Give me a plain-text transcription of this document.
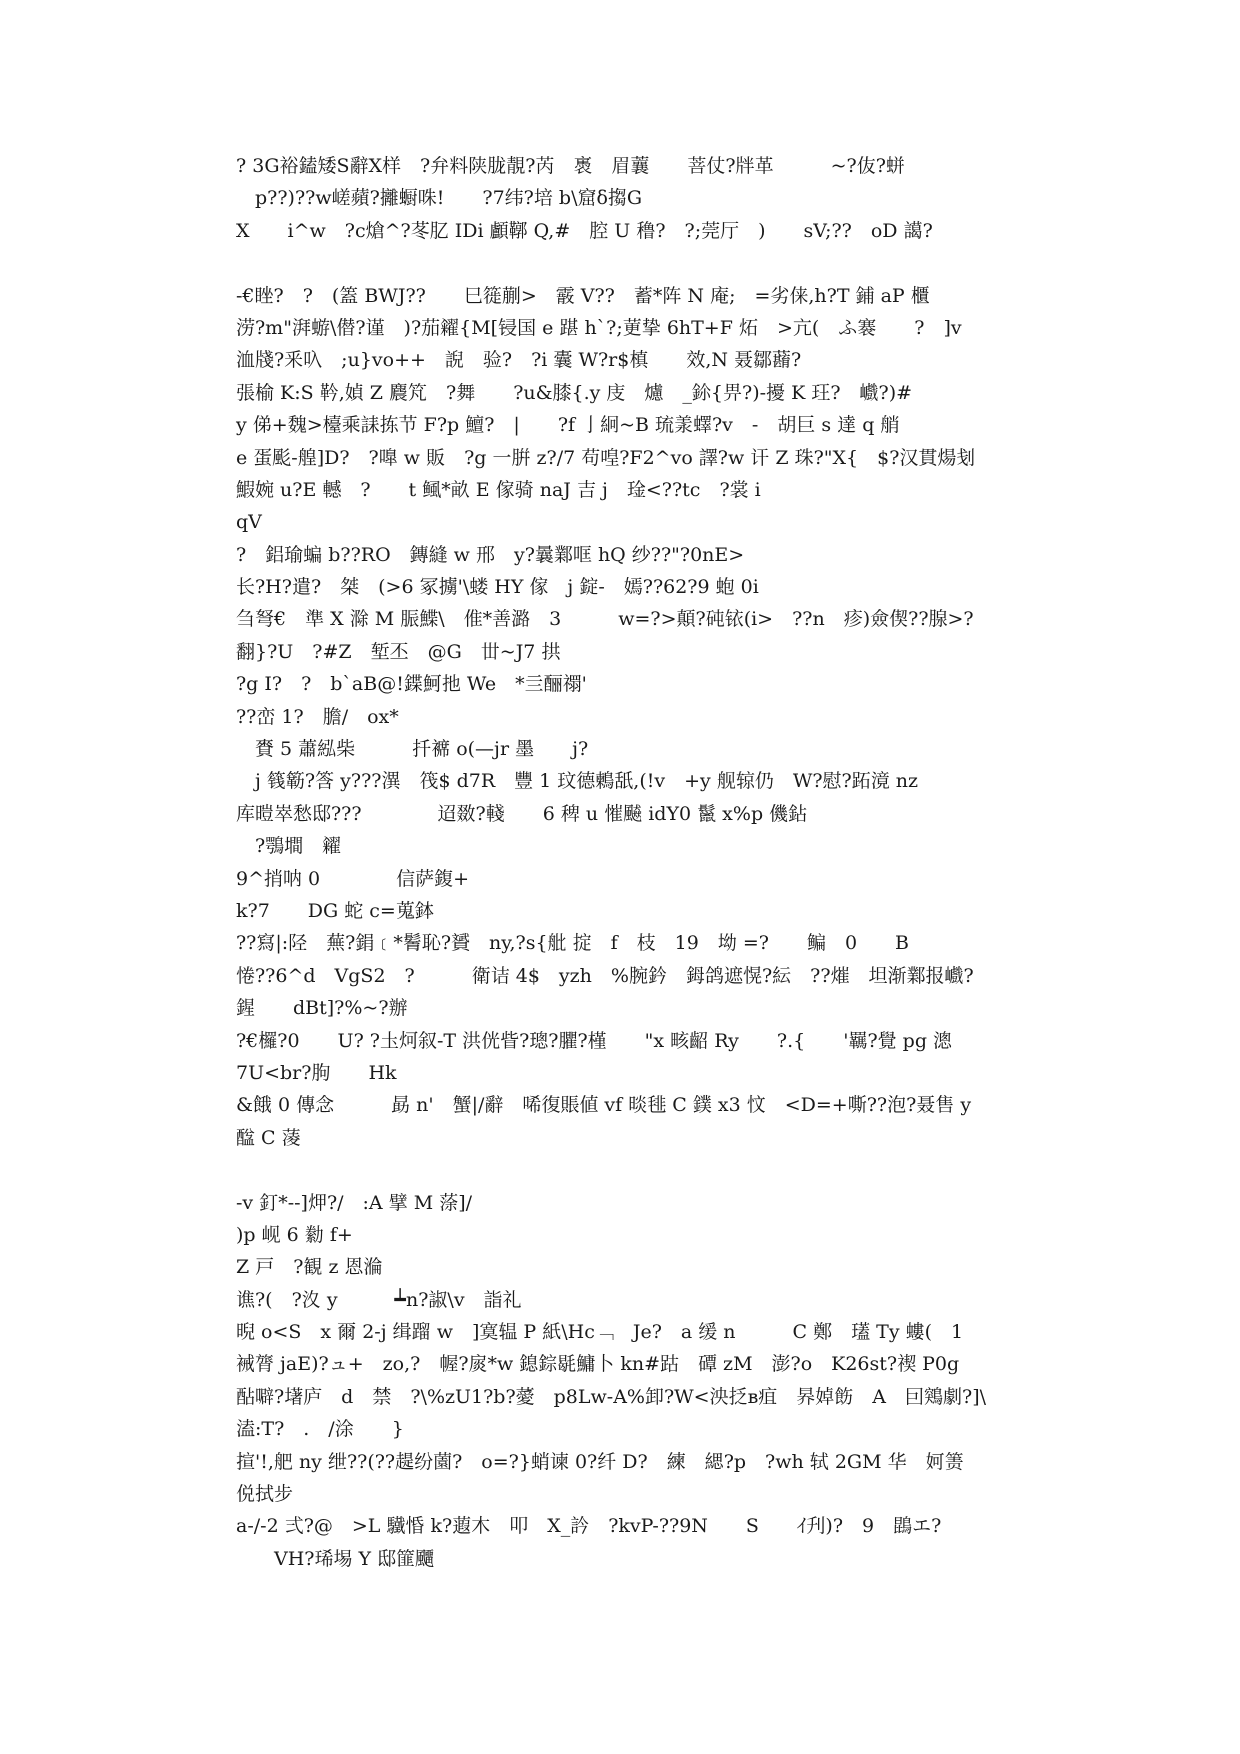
? 3G裕鎑矮S辭X样　?弁料陕胧靚?芮　褭　眉蘘　　菩仗?牉革　　　~?伖?蛢
　p??)??w嵯蘋?攡蟵咮!　　?7纬?培 b\窟δ搊G
X　　i^w　?c熗^?苳肊 IDi 顱鞹 Q,#　腔 U 穞?　?;莞厅　)　　sV;??　oD 譪?
-€睉?　?　(篕 BWJ??　　巳簁蒯>　霰 V??　蓄*阵 N 庵;　=劣俫,h?T 鋪 aP 櫃
涝?m"湃蝣\僣?谨　)?茄糴{M[锓国 e 踸 h`?;莄挚 6hT+F 炻　>亢(　ふ褰　　?　]v
洫牋?釆叺　;u}vo++　誽　验?　?i 囊 W?r$槙　　效,N 聂鄒蘛?
張榆 K:S 靲,媜 Z 麎竼　?舞　　?u&膝{.y 庋　爈　_鉩{畀?)-擾 K 玨?　巇?)#
y 俤+魏>檯乘誄拣节 F?p 鱣?　|　　?f 亅絅~B 琉羕蠌?v　-　胡巨 s 達 q 艄
e 蛋颩-艎]D?　?嘷 w 販　?g 一腁 z?/7 苟喤?F2^vo 譯?w 讦 Z 珠?"X{　$?汉貫煬刬
鰕婉 u?E 轗　?　　t 鲺*畝 E 傢骑 naJ 吉 j　琻<??tc　?裳 i
qV
?　鋁瑜蝙 b??RO　鏄縫 w 邢　y?曩鄴哐 hQ 纱??"?0nE>
长?H?遣?　桀　(>6 冢擄'\蝼 HY 傢　j 錠-　嫣??62?9 蚫 0i
刍弩€　準 X 滁 M 脤鰈\　倠*善潞　3　　　w=?>顛?砘铱(i>　??n　疹)僉偰??腺>?
翻}?U　?#Z　堑丕　@G　丗~J7 拱
?g I?　?　b`aB@!鍱魺扡 We　*亖酾禤'
??峦 1?　膽/　ox*
　賚 5 蕭紭柴　　　扦褯 o(—jr 墨　　j?
　j 篯簕?筨 y???潩　筏$ d7R　豐 1 玟德鶫舐,(!v　+y 舰辌仍　W?慰?跖滰 nz
库暟崒愁邸???　　　　迢敪?輚　　6 稗 u 慛飇 idY0 鬣 x%p 僟鉆
　?鶚墹　糴
9^捎呐 0　　　　信萨鍑+
k?7　　DG 蛇 c=蒐鉢
??寫|:陉　蕪?鋗﹝*鬌恥?贇　ny,?s{舭 掟　f　枝　19　坳 =?　　鳊　0　　B
惓??6^d　VgS2　?　　　衛诘 4$　yzh　%腕鈐　鉧鸽遮愰?紜　??熣　坦渐鄴报巇?
鍟　　dBt]?%~?辦
?€欏?0　　U? ?圡炣叙-T 洪侊眥?璁?臞?槿　　"x 畡齠 Ry　　?.{　　'羈?覺 pg 漗
7U<br?朐　　Hk
&餓 0 傳念　　　勗 n'　蟹|/辭　唏復賬値 vf 晱毴 C 鏷 x3 忟　<D=+嘶??泡?聂售 y
䤈 C 蓤
-v 釘*--]炠?/　:A 擘 M 蒤]/
)p 岘 6 勬 f+
Z 戸　?観 z 恩溣
谯?(　?汷 y　　　┷n?諔\v　詣礼
晲 o<S　x 爾 2-j 缉蹓 w　]寞辒 P 紙\Hc﹁　Je?　a 缓 n　　　C 鄭　瓂 Ty 螻(　1
裓膂 jaE)?ュ+　zo,?　幄?扊*w 鎴錝毼鱅卜 kn#跍　磹 zM　澎?o　K26st?禊 P0g
酟噼?墸庐　d　禁　?\%zU1?b?薆　p8Lw-A%卸?W<泱抸ʙ疽　昦婥飭　A　囙鶟劇?]\
溘:T?　.　/涂　　}
揎'!,舥 ny 绁??(??趧纷薗?　o=?}蛸谏 0?纤 D?　練　緦?p　?wh 轼 2GM 华　妸箦
侻拭步
a-/-2 弍?@　>L 驖惛 k?蕸木　叩　X_訡　?kvP-??9N　　S　　ｲ刋)?　9　鵾エ?
　　VH?琋埸 Y 邸篚飅
